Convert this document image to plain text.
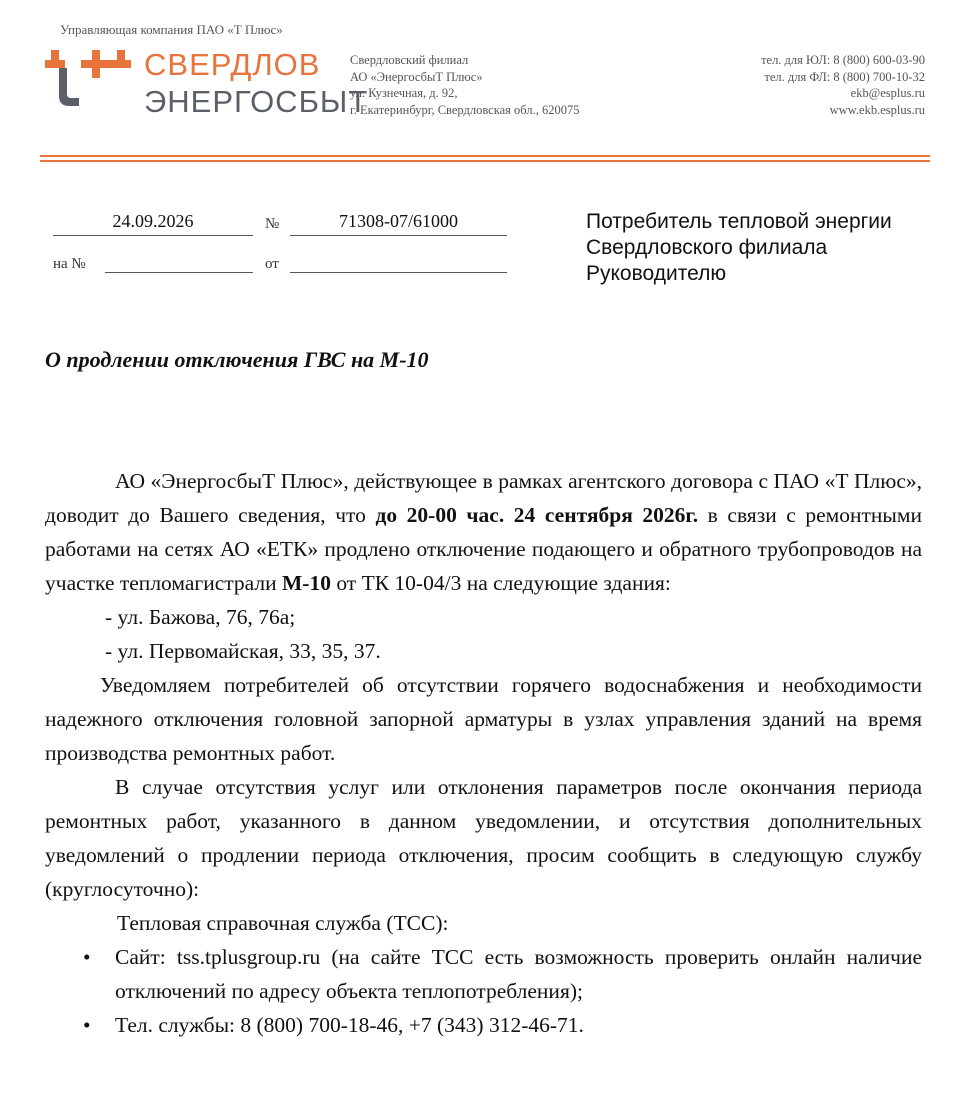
Управляющая компания ПАО «Т Плюс»
СВЕРДЛОВ
ЭНЕРГОСБЫТ
Свердловский филиал
АО «ЭнергосбыТ Плюс»
ул. Кузнечная, д. 92,
г. Екатеринбург, Свердловская обл., 620075
тел. для ЮЛ: 8 (800) 600-03-90
тел. для ФЛ: 8 (800) 700-10-32
ekb@esplus.ru
www.ekb.esplus.ru
24.09.2026	№	71308-07/61000
на №	от
Потребитель тепловой энергии
Свердловского филиала
Руководителю
О продлении отключения ГВС на М-10
АО «ЭнергосбыТ Плюс», действующее в рамках агентского договора с ПАО «Т Плюс», доводит до Вашего сведения, что до 20-00 час. 24 сентября 2026г. в связи с ремонтными работами на сетях АО «ЕТК» продлено отключение подающего и обратного трубопроводов на участке тепломагистрали М-10 от ТК 10-04/3 на следующие здания:
- ул. Бажова, 76, 76а;
- ул. Первомайская, 33, 35, 37.
Уведомляем потребителей об отсутствии горячего водоснабжения и необходимости надежного отключения головной запорной арматуры в узлах управления зданий на время производства ремонтных работ.
В случае отсутствия услуг или отклонения параметров после окончания периода ремонтных работ, указанного в данном уведомлении, и отсутствия дополнительных уведомлений о продлении периода отключения, просим сообщить в следующую службу (круглосуточно):
Тепловая справочная служба (ТСС):
•	Сайт: tss.tplusgroup.ru (на сайте ТСС есть возможность проверить онлайн наличие отключений по адресу объекта теплопотребления);
•	Тел. службы: 8 (800) 700-18-46, +7 (343) 312-46-71.
